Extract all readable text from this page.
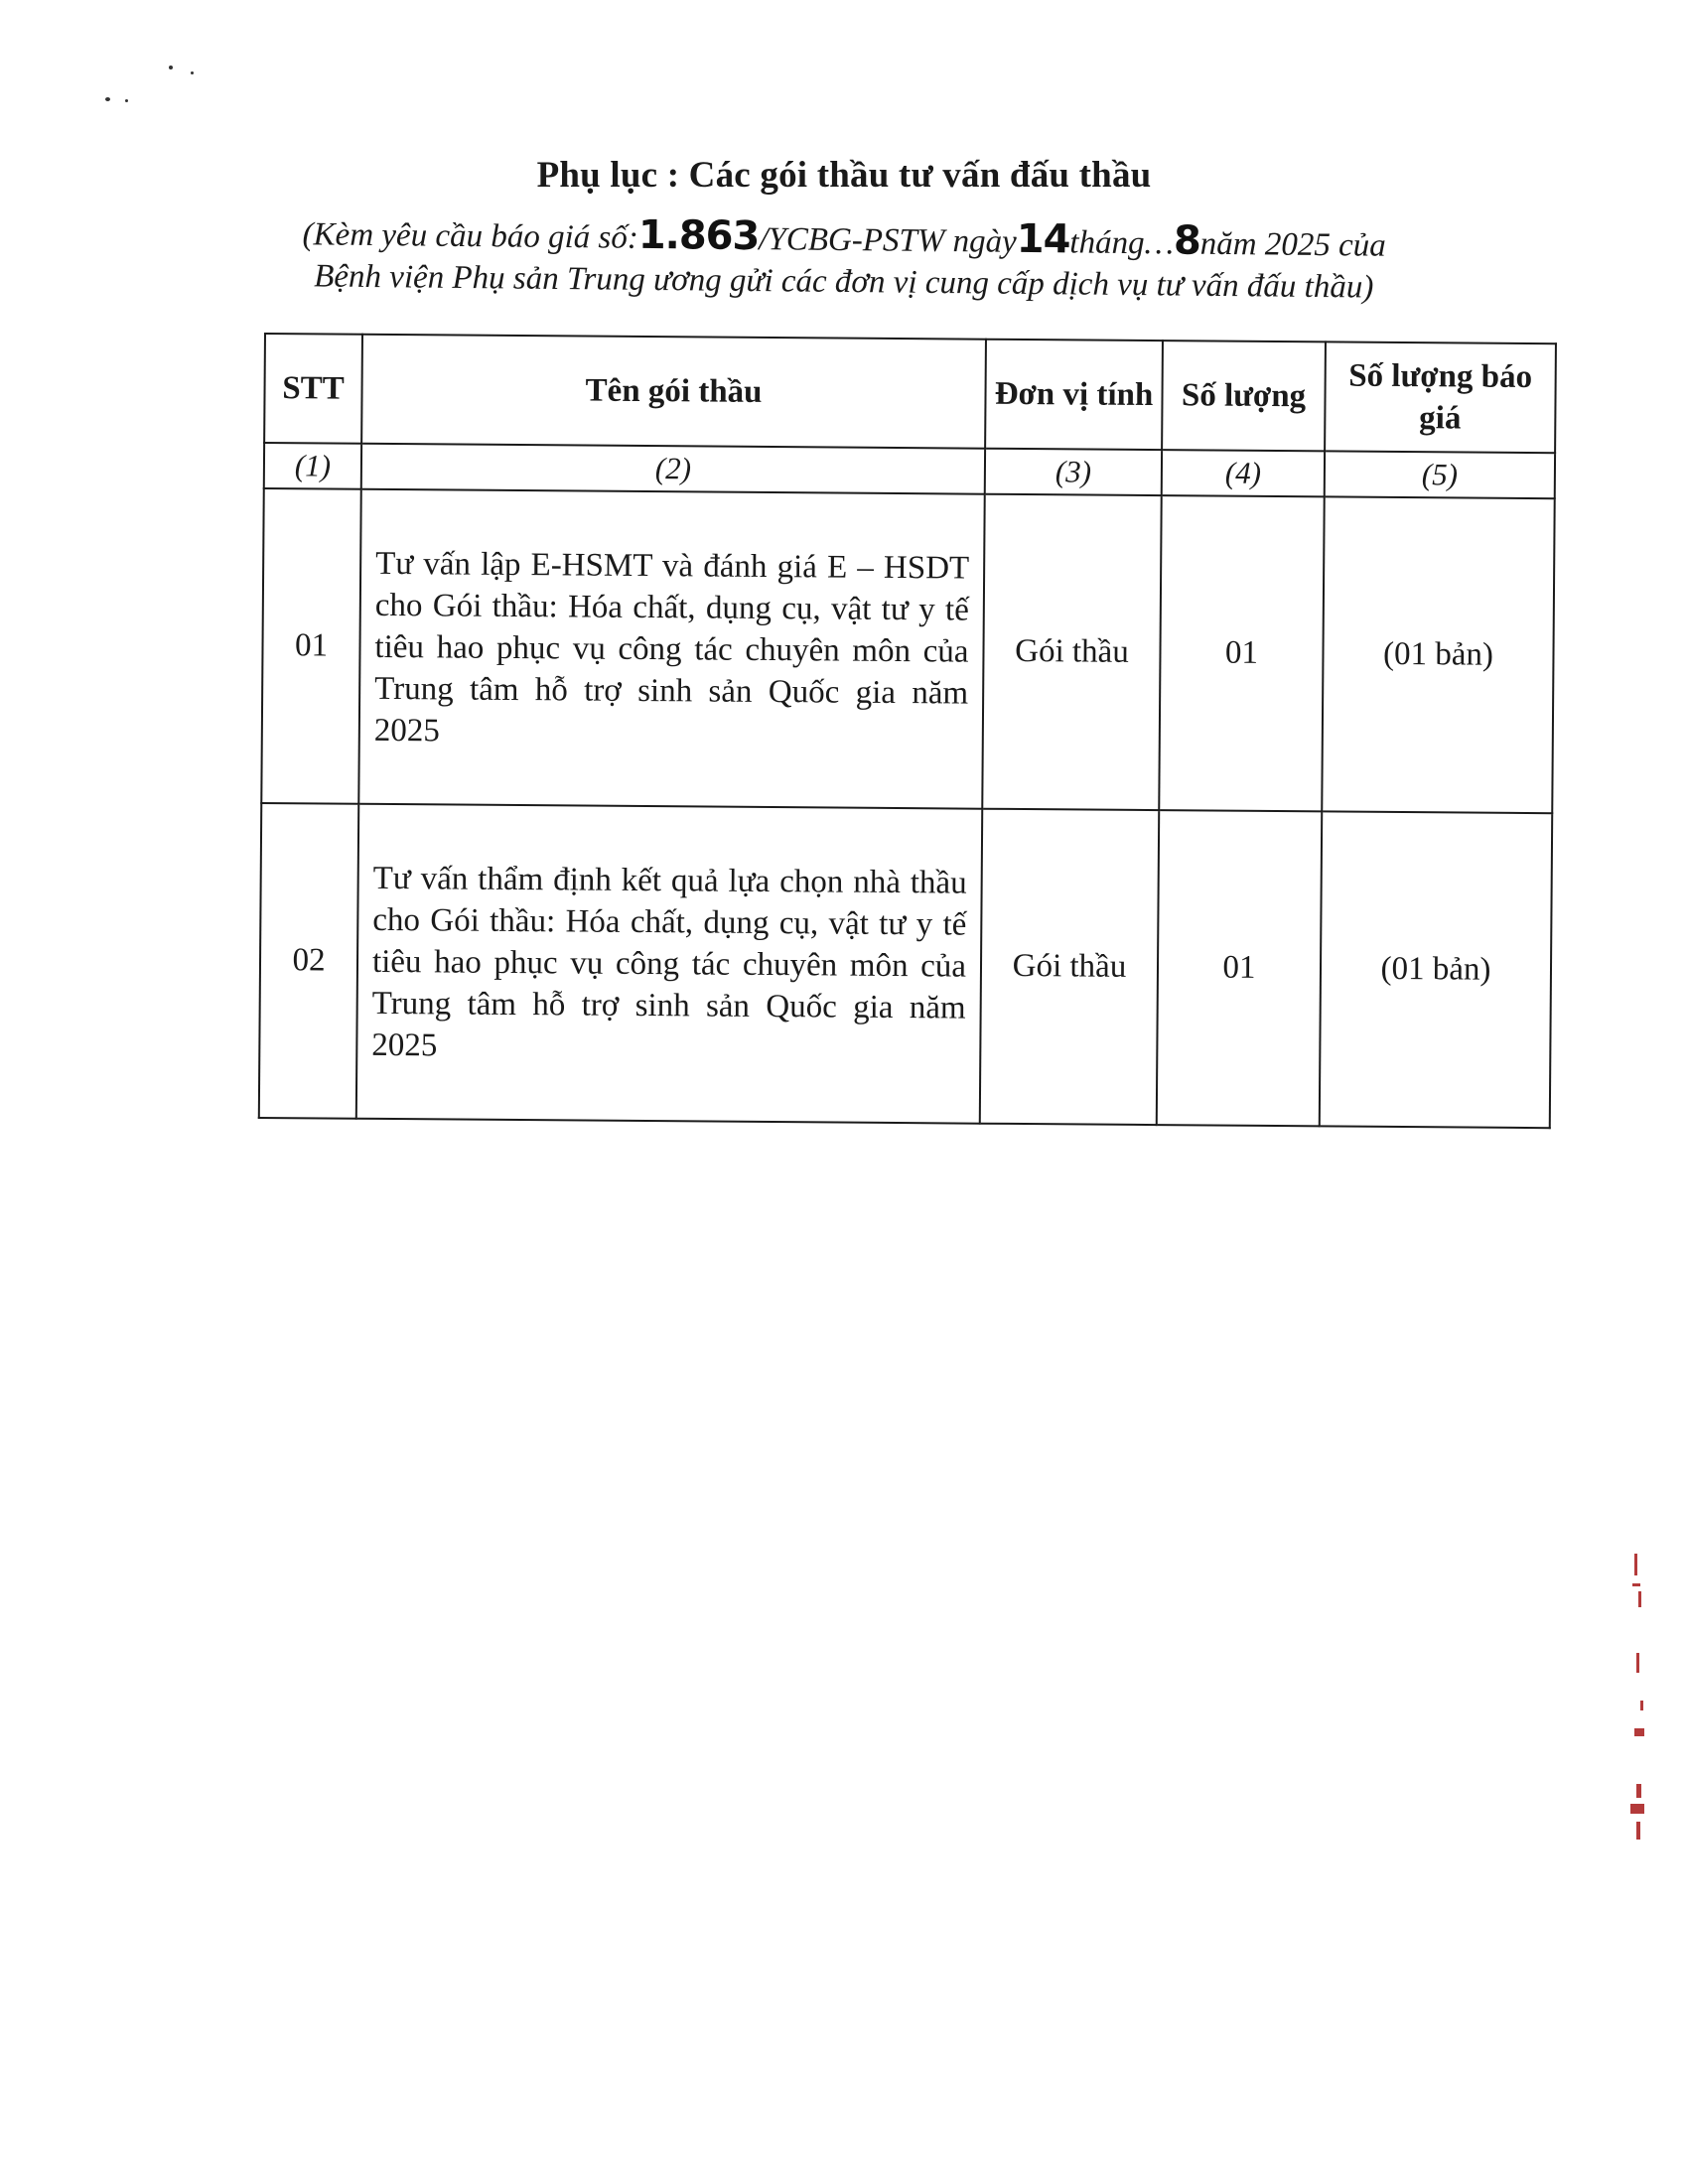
Phụ lục : Các gói thầu tư vấn đấu thầu
(Kèm yêu cầu báo giá số:1.863/YCBG-PSTW ngày14tháng…8năm 2025 của
Bệnh viện Phụ sản Trung ương gửi các đơn vị cung cấp dịch vụ tư vấn đấu thầu)
STT	Tên gói thầu	Đơn vị tính	Số lượng	Số lượng báo giá
(1)	(2)	(3)	(4)	(5)
01	Tư vấn lập E-HSMT và đánh giá E – HSDT cho Gói thầu: Hóa chất, dụng cụ, vật tư y tế tiêu hao phục vụ công tác chuyên môn của Trung tâm hỗ trợ sinh sản Quốc gia năm 2025	Gói thầu	01	(01 bản)
02	Tư vấn thẩm định kết quả lựa chọn nhà thầu cho Gói thầu: Hóa chất, dụng cụ, vật tư y tế tiêu hao phục vụ công tác chuyên môn của Trung tâm hỗ trợ sinh sản Quốc gia năm 2025	Gói thầu	01	(01 bản)
